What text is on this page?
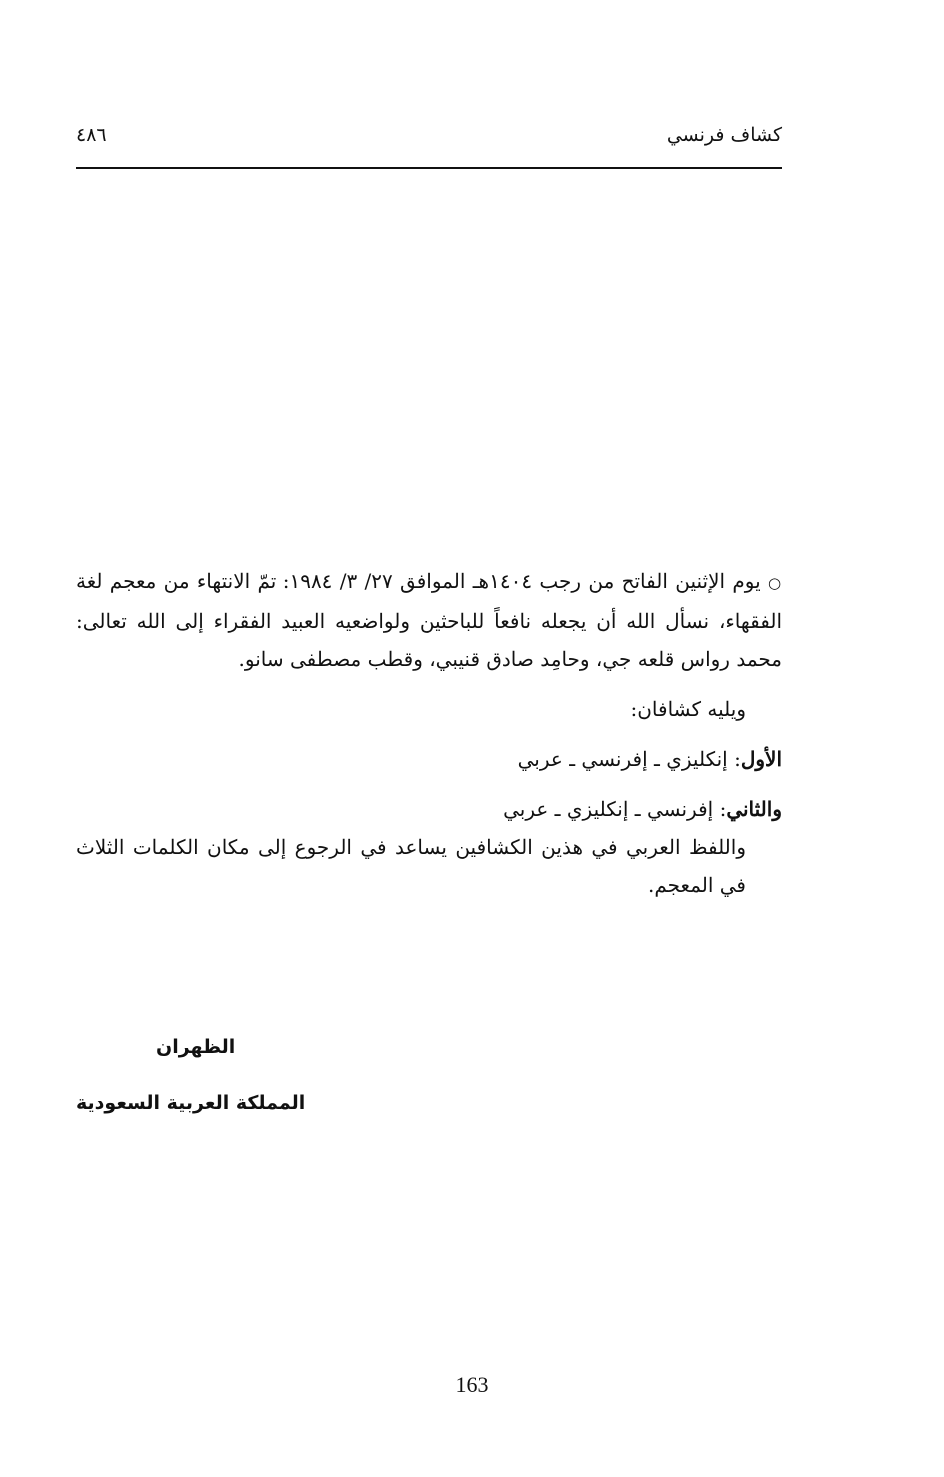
كشاف فرنسي
٤٨٦

○ يوم الإثنين الفاتح من رجب ١٤٠٤هـ الموافق ٢٧/ ٣/ ١٩٨٤: تمّ الانتهاء من معجم لغة الفقهاء، نسأل الله أن يجعله نافعاً للباحثين ولواضعيه العبيد الفقراء إلى الله تعالى: محمد رواس قلعه جي، وحامِد صادق قنيبي، وقطب مصطفى سانو.

ويليه كشافان:

الأول: إنكليزي ـ إفرنسي ـ عربي

والثاني: إفرنسي ـ إنكليزي ـ عربي

واللفظ العربي في هذين الكشافين يساعد في الرجوع إلى مكان الكلمات الثلاث في المعجم.

الظهران
المملكة العربية السعودية
163
